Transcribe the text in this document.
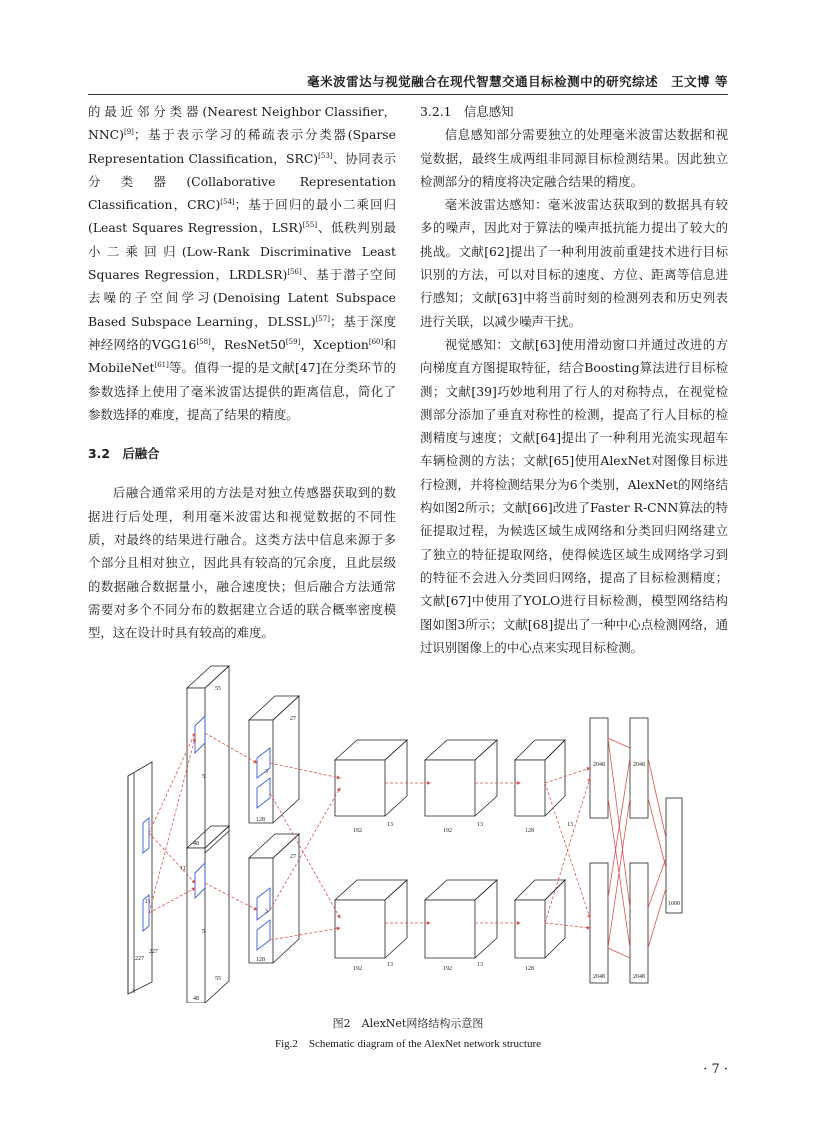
毫米波雷达与视觉融合在现代智慧交通目标检测中的研究综述　王文博 等

的 最 近 邻 分 类 器 (Nearest Neighbor Classifier，NNC)[9]；基于表示学习的稀疏表示分类器(Sparse Representation Classification，SRC)[53]、协同表示分类器(Collaborative Representation Classification，CRC)[54]；基于回归的最小二乘回归(Least Squares Regression，LSR)[55]、低秩判别最小二乘回归(Low-Rank Discriminative Least Squares Regression，LRDLSR)[56]、基于潜子空间去噪的子空间学习(Denoising Latent Subspace Based Subspace Learning，DLSSL)[57]；基于深度神经网络的VGG16[58]，ResNet50[59]，Xception[60]和MobileNet[61]等。值得一提的是文献[47]在分类环节的参数选择上使用了毫米波雷达提供的距离信息，简化了参数选择的难度，提高了结果的精度。

3.2　后融合

后融合通常采用的方法是对独立传感器获取到的数据进行后处理，利用毫米波雷达和视觉数据的不同性质，对最终的结果进行融合。这类方法中信息来源于多个部分且相对独立，因此具有较高的冗余度，且此层级的数据融合数据量小，融合速度快；但后融合方法通常需要对多个不同分布的数据建立合适的联合概率密度模型，这在设计时具有较高的难度。

3.2.1　信息感知

信息感知部分需要独立的处理毫米波雷达数据和视觉数据，最终生成两组非同源目标检测结果。因此独立检测部分的精度将决定融合结果的精度。

毫米波雷达感知：毫米波雷达获取到的数据具有较多的噪声，因此对于算法的噪声抵抗能力提出了较大的挑战。文献[62]提出了一种利用波前重建技术进行目标识别的方法，可以对目标的速度、方位、距离等信息进行感知；文献[63]中将当前时刻的检测列表和历史列表进行关联，以减少噪声干扰。

视觉感知：文献[63]使用滑动窗口并通过改进的方向梯度直方图提取特征，结合Boosting算法进行目标检测；文献[39]巧妙地利用了行人的对称特点，在视觉检测部分添加了垂直对称性的检测，提高了行人目标的检测精度与速度；文献[64]提出了一种利用光流实现超车车辆检测的方法；文献[65]使用AlexNet对图像目标进行检测，并将检测结果分为6个类别，AlexNet的网络结构如图2所示；文献[66]改进了Faster R-CNN算法的特征提取过程，为候选区域生成网络和分类回归网络建立了独立的特征提取网络，使得候选区域生成网络学习到的特征不会进入分类回归网络，提高了目标检测精度；文献[67]中使用了YOLO进行目标检测，模型网络结构图如图3所示；文献[68]提出了一种中心点检测网络，通过识别图像上的中心点来实现目标检测。

3
227
227
11
11
48
48
55
55
5
5
27
27
3
3
128
128
13
13
192
192
192
192
13
13
128
128
13
2048
2048
2048
2048
1000
图2　AlexNet网络结构示意图
Fig.2　Schematic diagram of the AlexNet network structure
· 7 ·
